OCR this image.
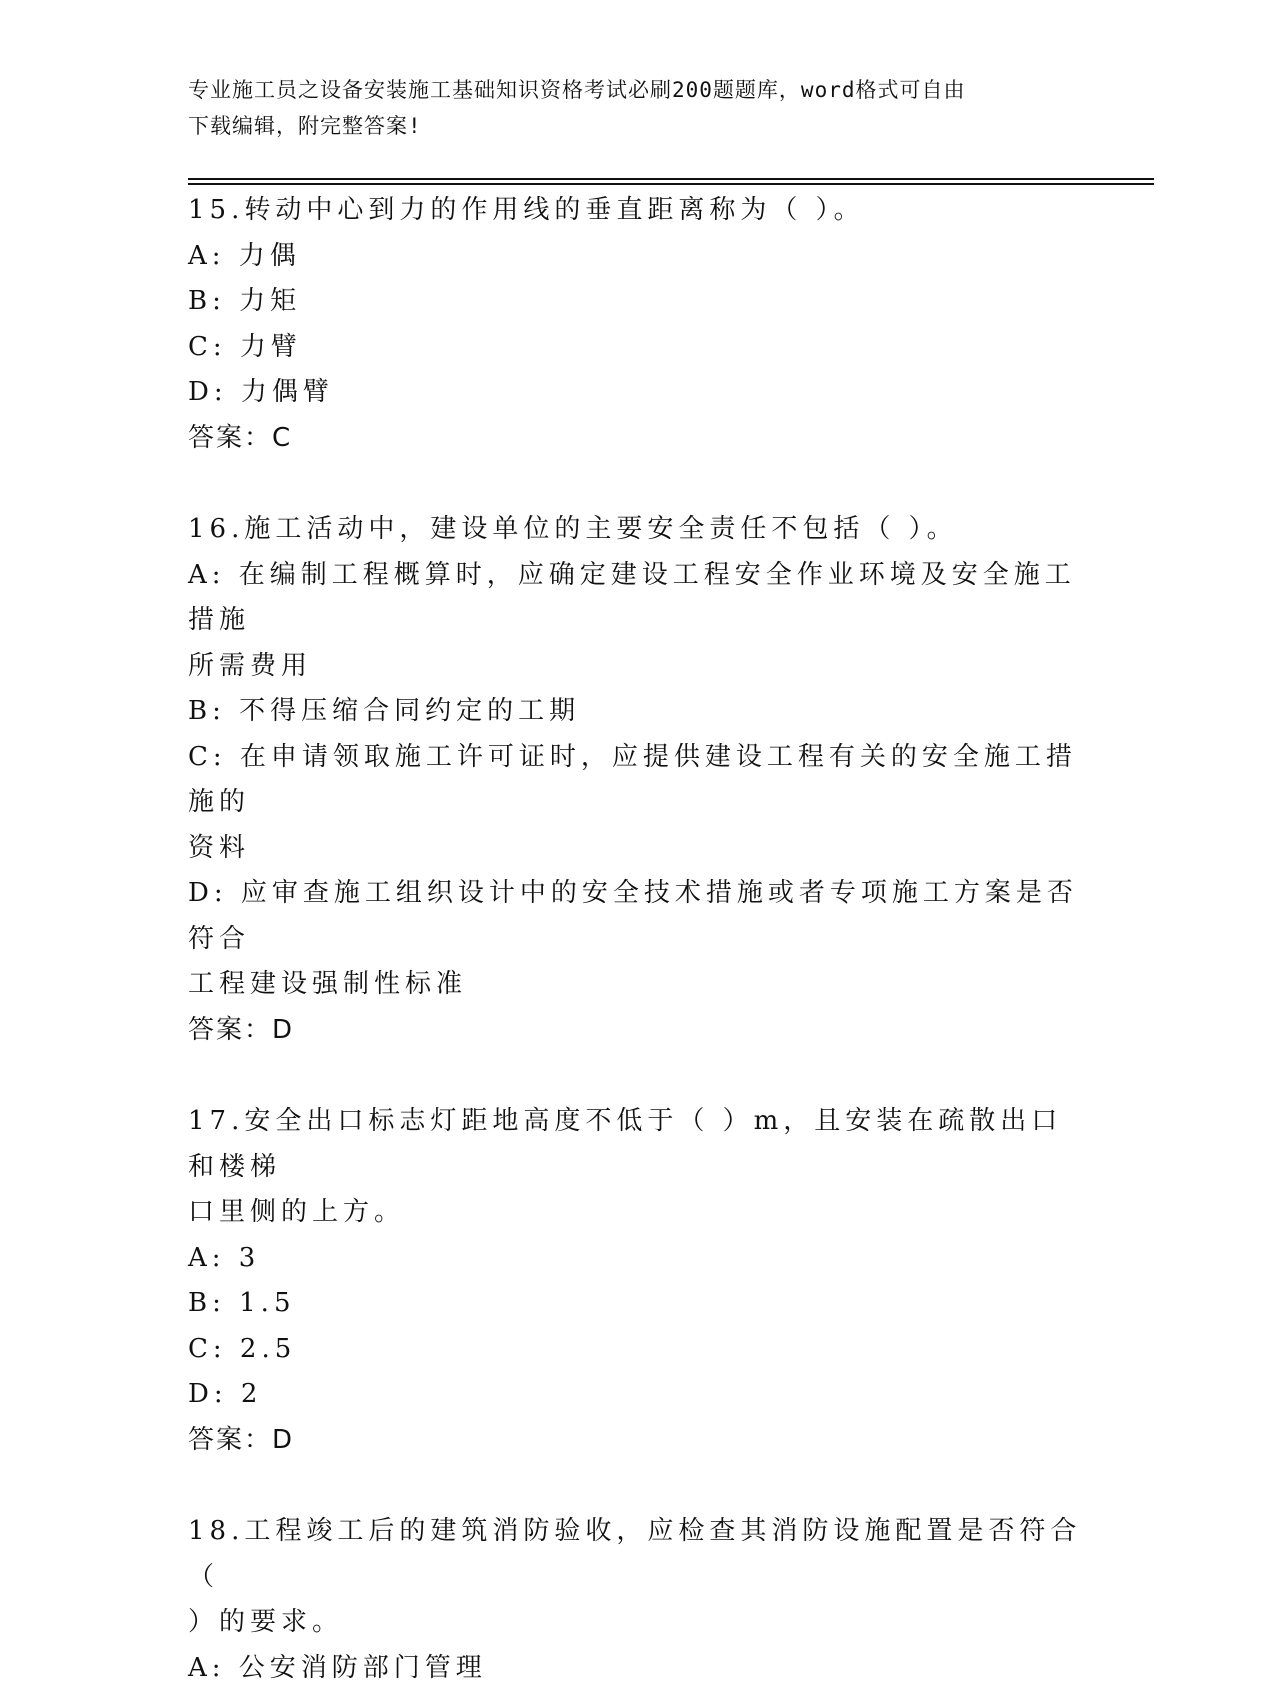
专业施工员之设备安装施工基础知识资格考试必刷200题题库，word格式可自由
下载编辑，附完整答案!
15.转动中心到力的作用线的垂直距离称为（ ）。
A: 力偶
B: 力矩
C: 力臂
D: 力偶臂
答案：C
16.施工活动中，建设单位的主要安全责任不包括（ ）。
A: 在编制工程概算时，应确定建设工程安全作业环境及安全施工措施
所需费用
B: 不得压缩合同约定的工期
C: 在申请领取施工许可证时，应提供建设工程有关的安全施工措施的
资料
D: 应审查施工组织设计中的安全技术措施或者专项施工方案是否符合
工程建设强制性标准
答案：D
17.安全出口标志灯距地高度不低于（ ）m，且安装在疏散出口和楼梯
口里侧的上方。
A: 3
B: 1.5
C: 2.5
D: 2
答案：D
18.工程竣工后的建筑消防验收，应检查其消防设施配置是否符合（
）的要求。
A: 公安消防部门管理
